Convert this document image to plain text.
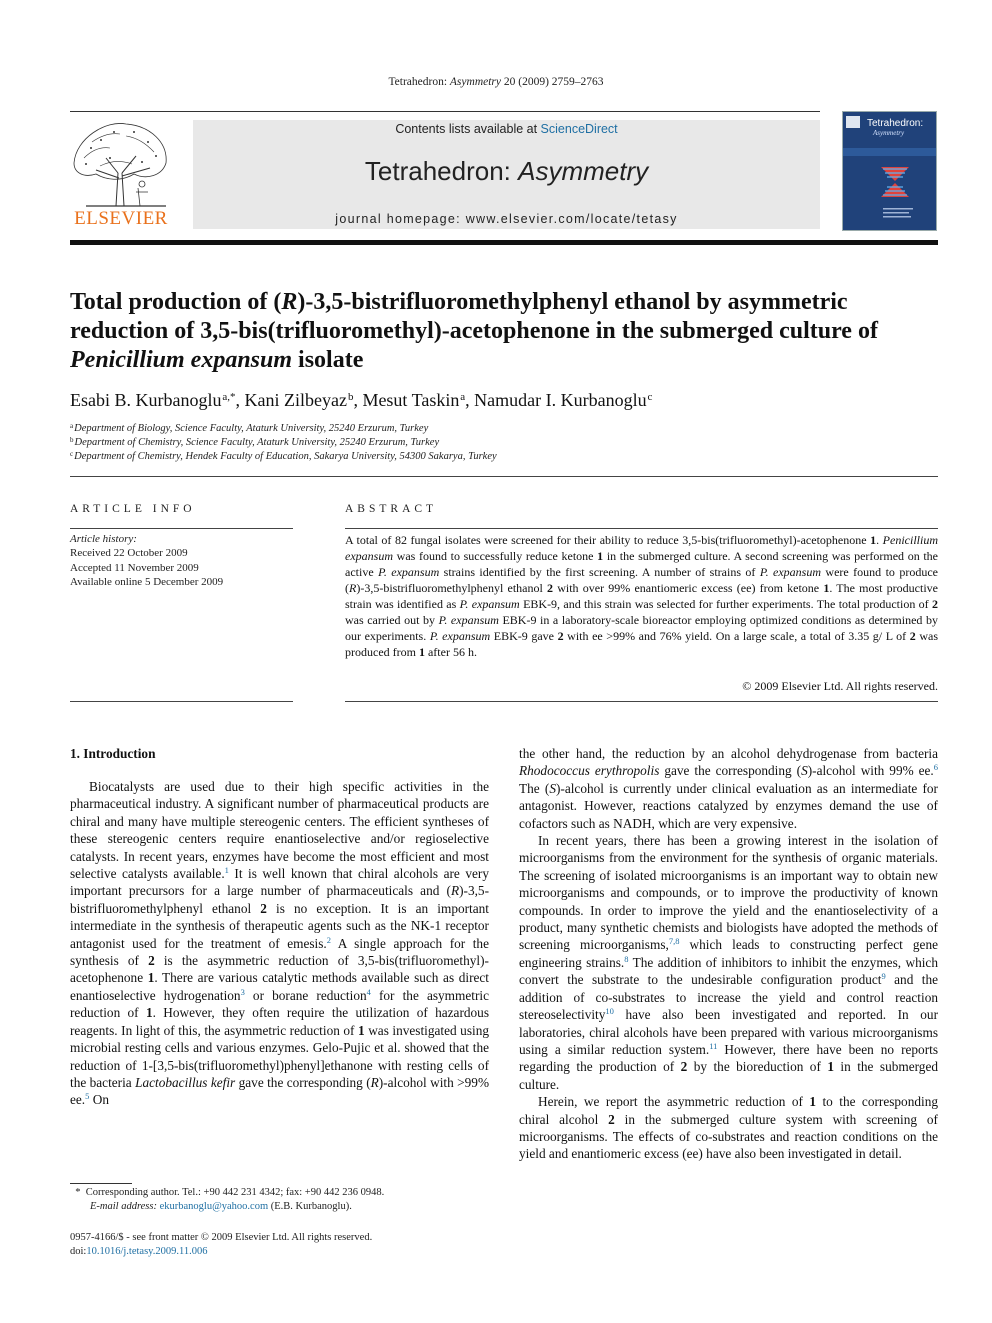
Tetrahedron: Asymmetry 20 (2009) 2759–2763
ELSEVIER
Contents lists available at ScienceDirect
Tetrahedron: Asymmetry
journal homepage: www.elsevier.com/locate/tetasy
Tetrahedron:
Asymmetry
Total production of (R)-3,5-bistrifluoromethylphenyl ethanol by asymmetric reduction of 3,5-bis(trifluoromethyl)-acetophenone in the submerged culture of Penicillium expansum isolate
Esabi B. Kurbanoglu $^{a,*}$, Kani Zilbeyaz $^b$, Mesut Taskin $^a$, Namudar I. Kurbanoglu $^c$
$^a$Department of Biology, Science Faculty, Ataturk University, 25240 Erzurum, Turkey
$^b$Department of Chemistry, Science Faculty, Ataturk University, 25240 Erzurum, Turkey
$^c$Department of Chemistry, Hendek Faculty of Education, Sakarya University, 54300 Sakarya, Turkey
ARTICLE INFO
Article history:
Received 22 October 2009
Accepted 11 November 2009
Available online 5 December 2009
ABSTRACT
A total of 82 fungal isolates were screened for their ability to reduce 3,5-bis(trifluoromethyl)-acetophenone 1. Penicillium expansum was found to successfully reduce ketone 1 in the submerged culture. A second screening was performed on the active P. expansum strains identified by the first screening. A number of strains of P. expansum were found to produce (R)-3,5-bistrifluoromethylphenyl ethanol 2 with over 99% enantiomeric excess (ee) from ketone 1. The most productive strain was identified as P. expansum EBK-9, and this strain was selected for further experiments. The total production of 2 was carried out by P. expansum EBK-9 in a laboratory-scale bioreactor employing optimized conditions as determined by our experiments. P. expansum EBK-9 gave 2 with ee >99% and 76% yield. On a large scale, a total of 3.35 g/ L of 2 was produced from 1 after 56 h.
© 2009 Elsevier Ltd. All rights reserved.
1. Introduction

Biocatalysts are used due to their high specific activities in the pharmaceutical industry. A significant number of pharmaceutical products are chiral and many have multiple stereogenic centers. The efficient syntheses of these stereogenic centers require enantioselective and/or regioselective catalysts. In recent years, enzymes have become the most efficient and most selective catalysts available.$^1$ It is well known that chiral alcohols are very important precursors for a large number of pharmaceuticals and (R)-3,5-bistrifluoromethylphenyl ethanol 2 is no exception. It is an important intermediate in the synthesis of therapeutic agents such as the NK-1 receptor antagonist used for the treatment of emesis.$^2$ A single approach for the synthesis of 2 is the asymmetric reduction of 3,5-bis(trifluoromethyl)-acetophenone 1. There are various catalytic methods available such as direct enantioselective hydrogenation$^3$ or borane reduction$^4$ for the asymmetric reduction of 1. However, they often require the utilization of hazardous reagents. In light of this, the asymmetric reduction of 1 was investigated using microbial resting cells and various enzymes. Gelo-Pujic et al. showed that the reduction of 1-[3,5-bis(trifluoromethyl)phenyl]ethanone with resting cells of the bacteria Lactobacillus kefir gave the corresponding (R)-alcohol with >99% ee.$^5$ On

the other hand, the reduction by an alcohol dehydrogenase from bacteria Rhodococcus erythropolis gave the corresponding (S)-alcohol with 99% ee.$^6$ The (S)-alcohol is currently under clinical evaluation as an intermediate for antagonist. However, reactions catalyzed by enzymes demand the use of cofactors such as NADH, which are very expensive.

In recent years, there has been a growing interest in the isolation of microorganisms from the environment for the synthesis of organic materials. The screening of isolated microorganisms is an important way to obtain new microorganisms and compounds, or to improve the productivity of known compounds. In order to improve the yield and the enantioselectivity of a product, many synthetic chemists and biologists have adopted the methods of screening microorganisms,$^{7,8}$ which leads to constructing perfect gene engineering strains.$^8$ The addition of inhibitors to inhibit the enzymes, which convert the substrate to the undesirable configuration product$^9$ and the addition of co-substrates to increase the yield and control reaction stereoselectivity$^{10}$ have also been investigated and reported. In our laboratories, chiral alcohols have been prepared with various microorganisms using a similar reduction system.$^{11}$ However, there have been no reports regarding the production of 2 by the bioreduction of 1 in the submerged culture.

Herein, we report the asymmetric reduction of 1 to the corresponding chiral alcohol 2 in the submerged culture system with screening of microorganisms. The effects of co-substrates and reaction conditions on the yield and enantiomeric excess (ee) have also been investigated in detail.

*  Corresponding author. Tel.: +90 442 231 4342; fax: +90 442 236 0948.
E-mail address: ekurbanoglu@yahoo.com (E.B. Kurbanoglu).
0957-4166/$ - see front matter © 2009 Elsevier Ltd. All rights reserved.
doi:10.1016/j.tetasy.2009.11.006
